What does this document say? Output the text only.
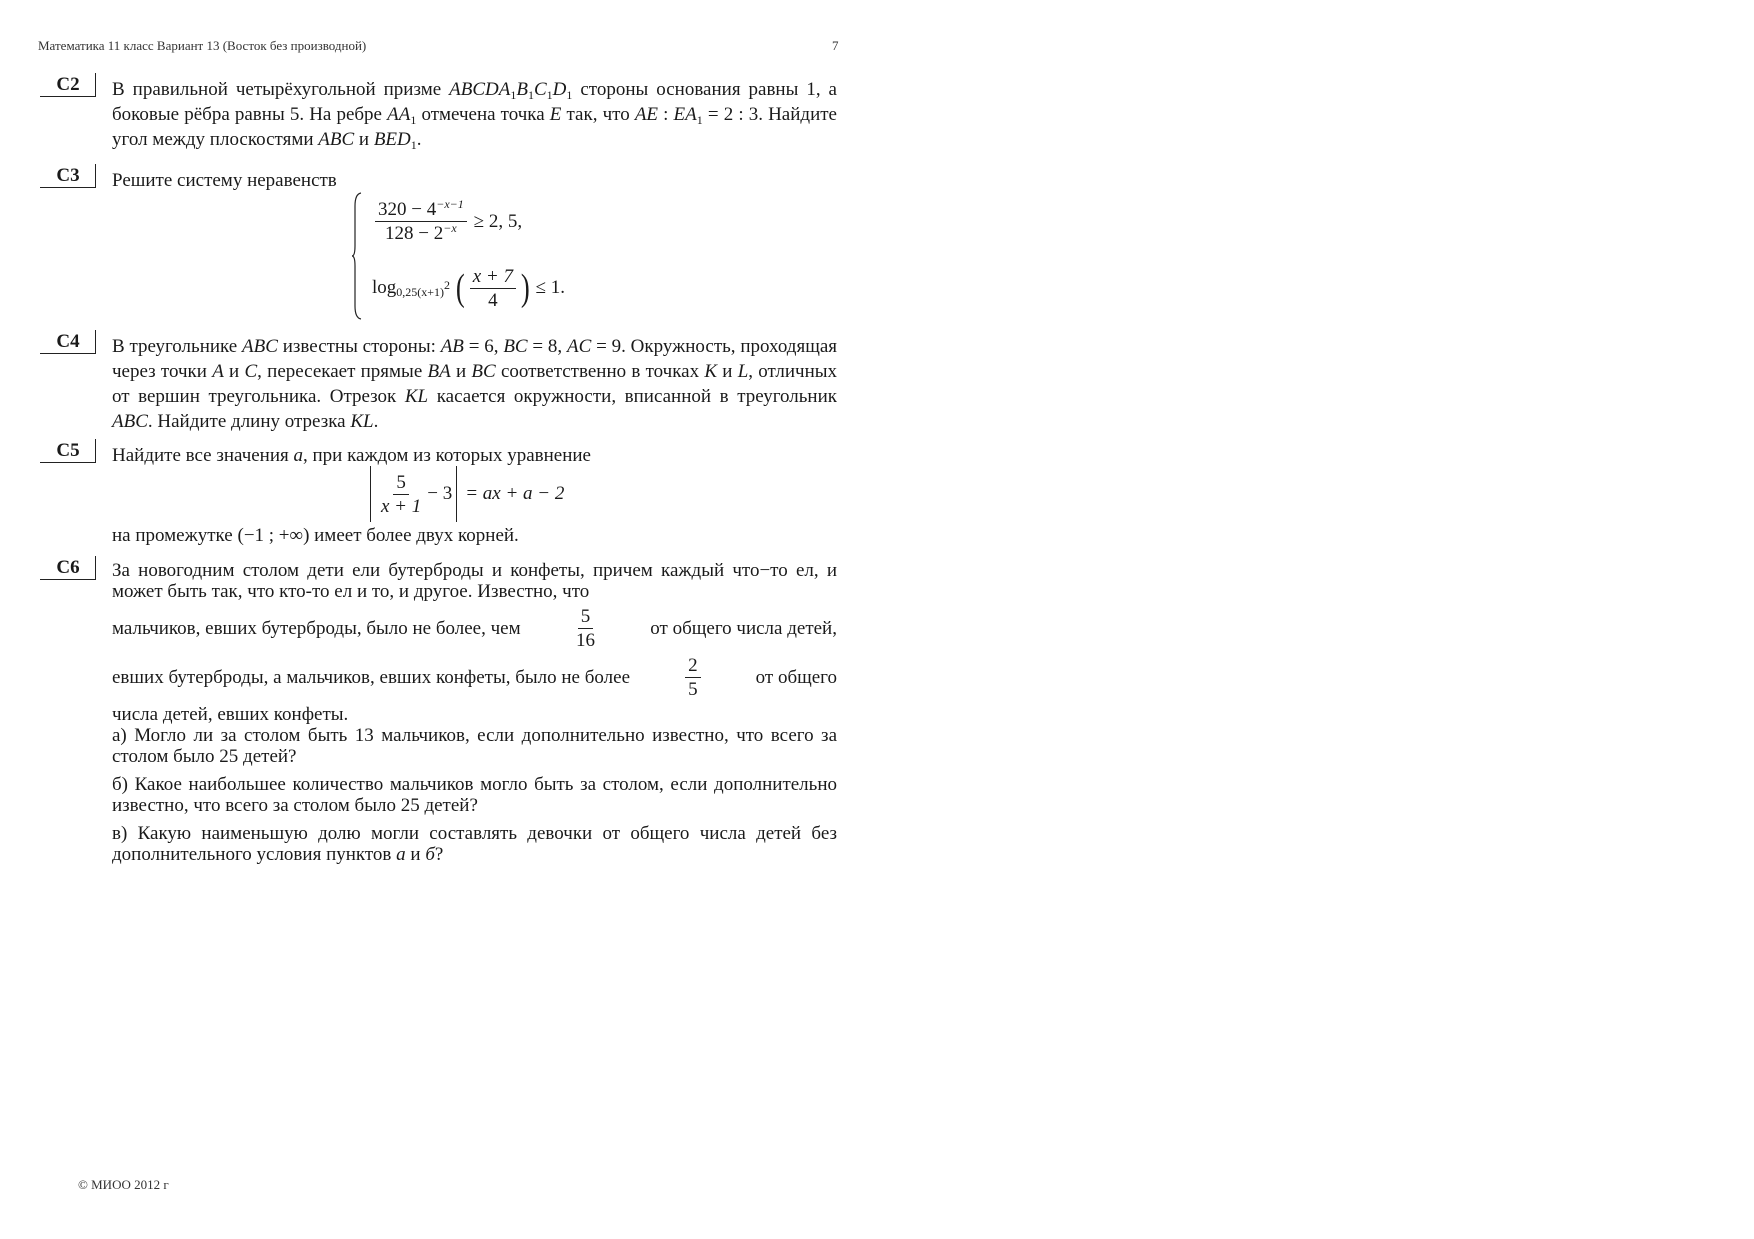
Математика 11 класс Вариант 13 (Восток без производной)	7
C2	В правильной четырёхугольной призме $ABCDA_1B_1C_1D_1$ стороны основания равны 1, а боковые рёбра равны 5. На ребре $AA_1$ отмечена точка E так, что AE : $EA_1 = 2$ : 3. Найдите угол между плоскостями ABC и $BED_1$.

C3	Решите систему неравенств
$\frac{320 - 4^{-x-1}}{128 - 2^{-x}} \ge 2$, 5,
$\log 0,25(x+1)^2$ ( x + 7
4 ) ≤ 1.
C4	В треугольнике ABC известны стороны: AB = 6, BC = 8, AC = 9. Окружность, проходящая через точки A и C, пересекает прямые BA и BC соответственно в точках K и L, отличных от вершин треугольника. Отрезок KL касается окружности, вписанной в треугольник ABC. Найдите длину отрезка KL.

C5	Найдите все значения a, при каждом из которых уравнение

5
x + 1
− 3 = ax + a − 2
на промежутке (−1 ; +∞) имеет более двух корней.
C6	За новогодним столом дети ели бутерброды и конфеты, причем каждый что−то ел, и может быть так, что кто-то ел и то, и другое. Известно, что

мальчиков, евших бутерброды, было не более, чем
5
16
от общего числа детей,

евших бутерброды, а мальчиков, евших конфеты, было не более
2
5
от общего

числа детей, евших конфеты.

а) Могло ли за столом быть 13 мальчиков, если дополнительно известно, что всего за столом было 25 детей?

б) Какое наибольшее количество мальчиков могло быть за столом, если дополнительно известно, что всего за столом было 25 детей?

в) Какую наименьшую долю могли составлять девочки от общего числа детей без дополнительного условия пунктов а и б?

© МИОО 2012 г
